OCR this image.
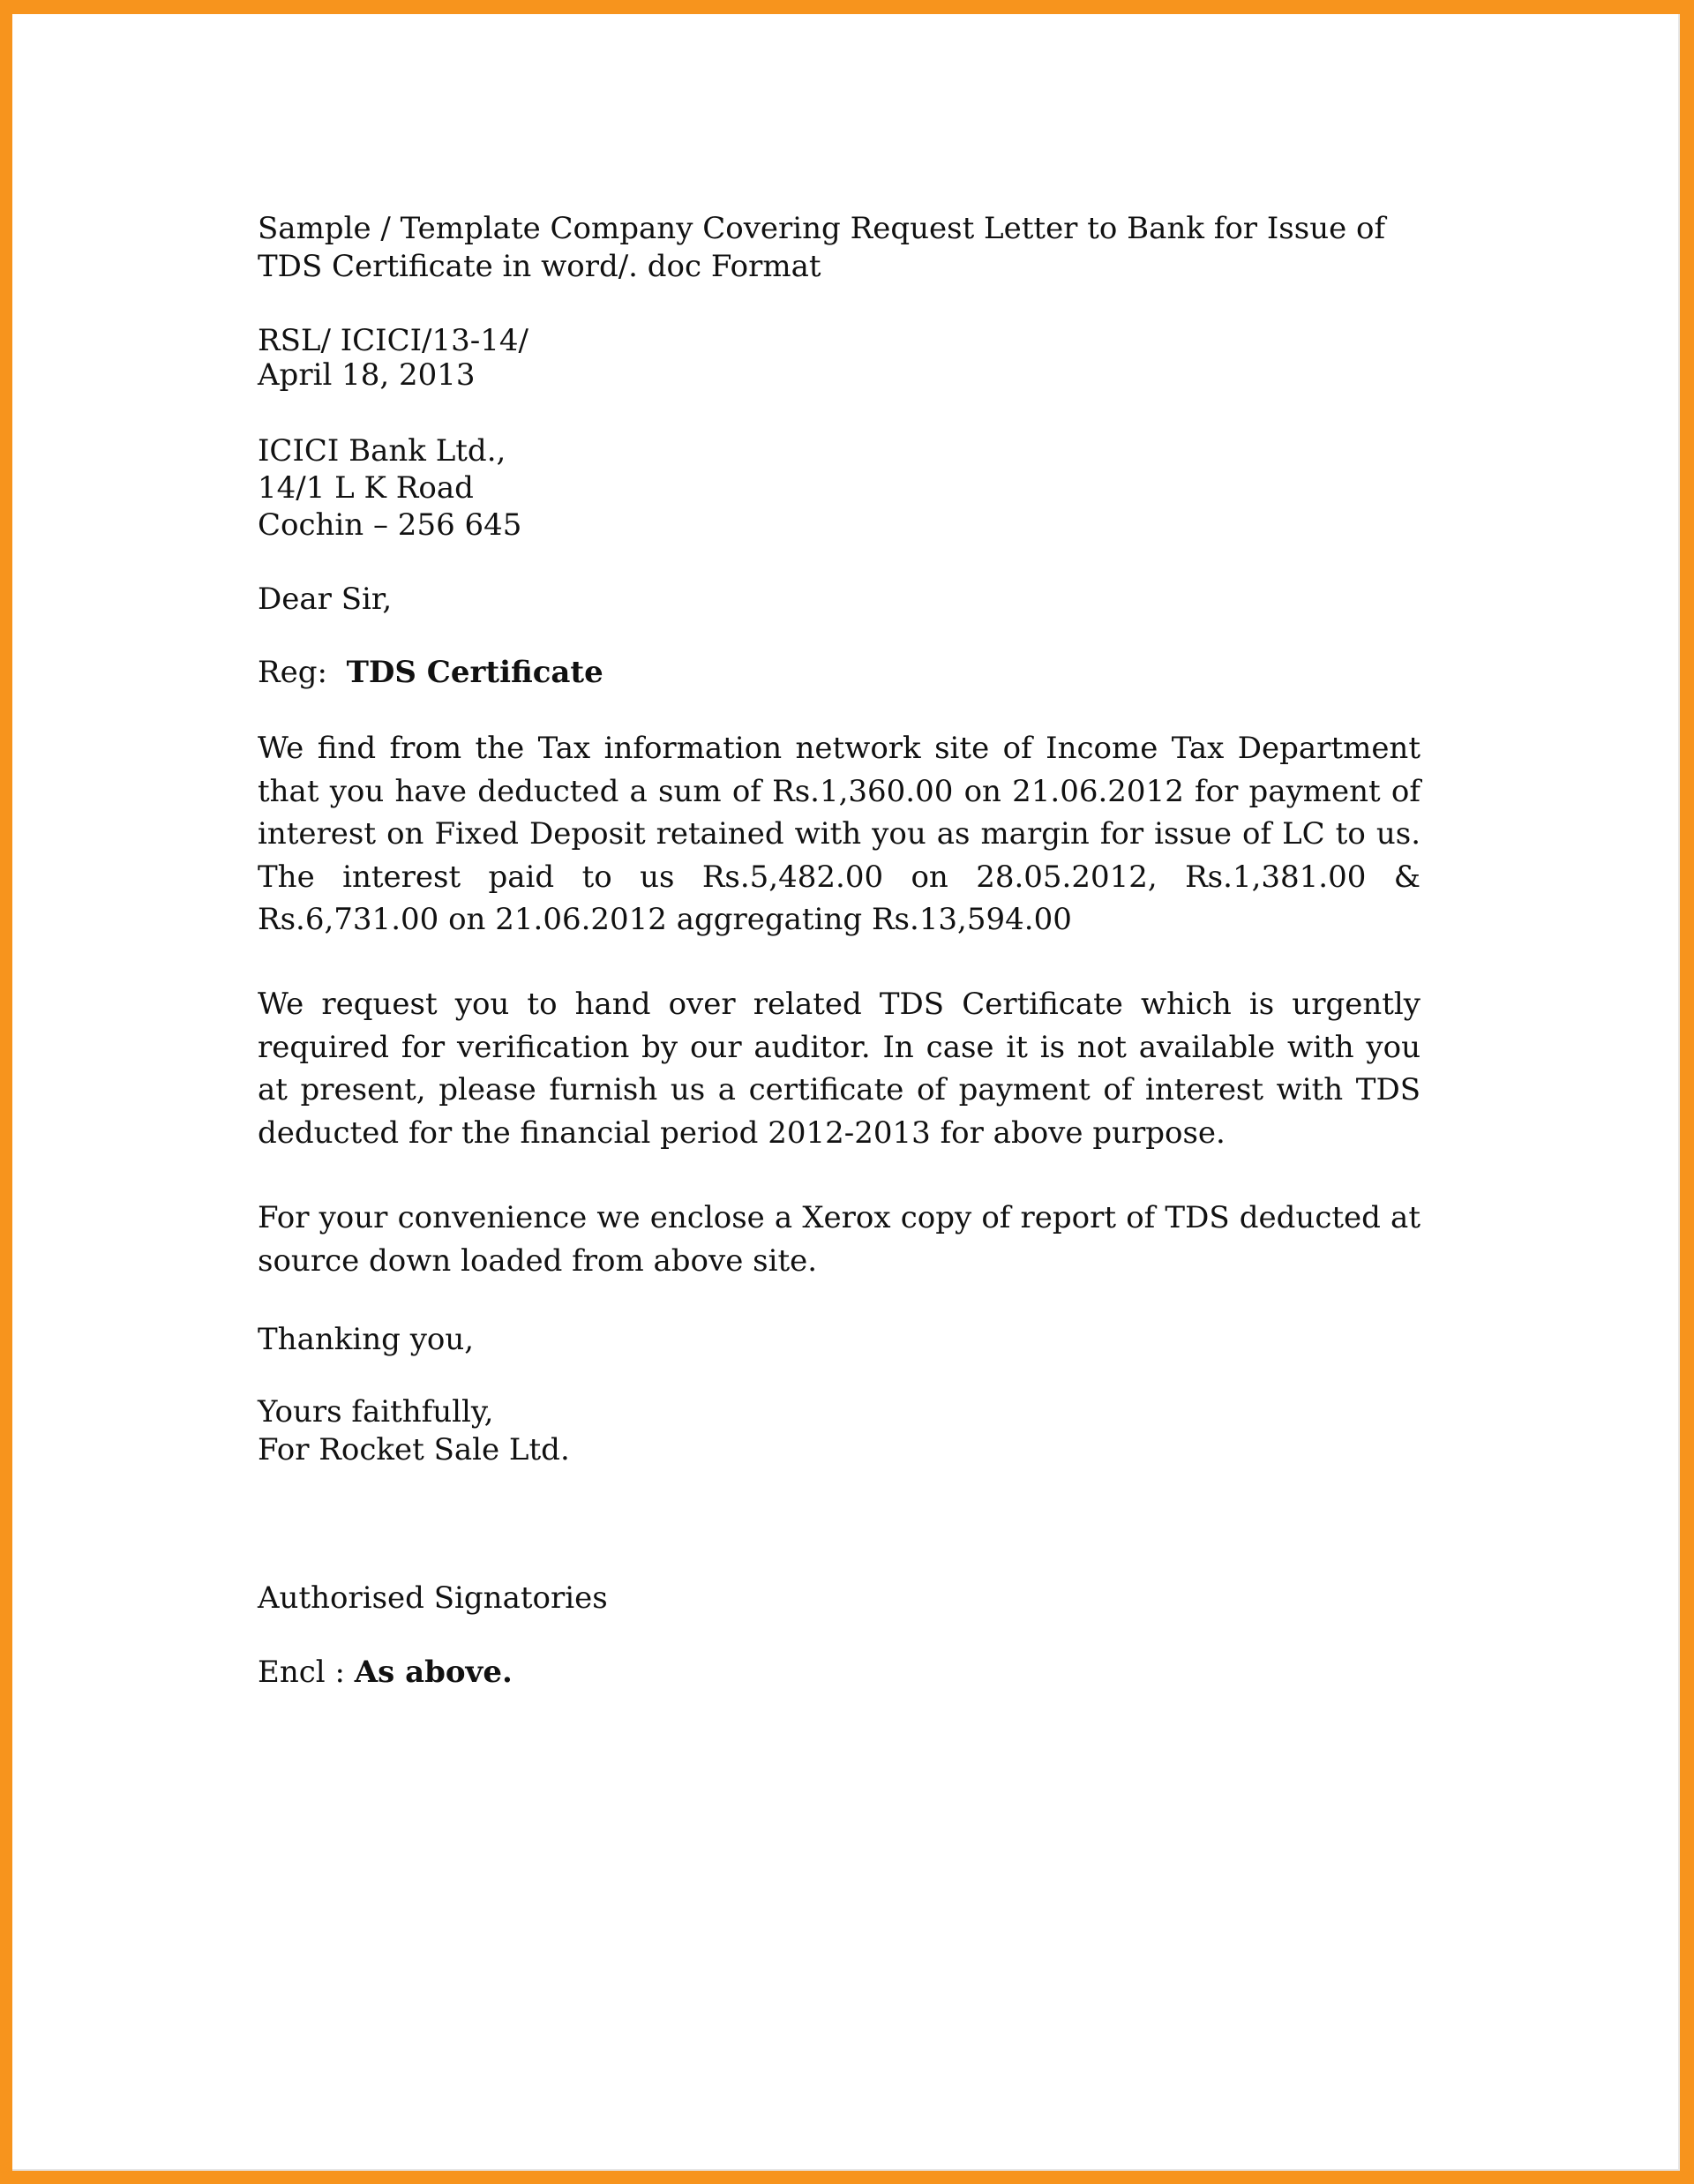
Sample / Template Company Covering Request Letter to Bank for Issue of TDS Certificate in word/. doc Format

RSL/ ICICI/13-14/

April 18, 2013

ICICI Bank Ltd.,

14/1 L K Road

Cochin – 256 645

Dear Sir,

Reg: TDS Certificate

We find from the Tax information network site of Income Tax Department that you have deducted a sum of Rs.1,360.00 on 21.06.2012 for payment of interest on Fixed Deposit retained with you as margin for issue of LC to us. The interest paid to us Rs.5,482.00 on 28.05.2012, Rs.1,381.00 & Rs.6,731.00 on 21.06.2012 aggregating Rs.13,594.00

We request you to hand over related TDS Certificate which is urgently required for verification by our auditor. In case it is not available with you at present, please furnish us a certificate of payment of interest with TDS deducted for the financial period 2012-2013 for above purpose.

For your convenience we enclose a Xerox copy of report of TDS deducted at source down loaded from above site.

Thanking you,

Yours faithfully,

For Rocket Sale Ltd.

Authorised Signatories

Encl : As above.
